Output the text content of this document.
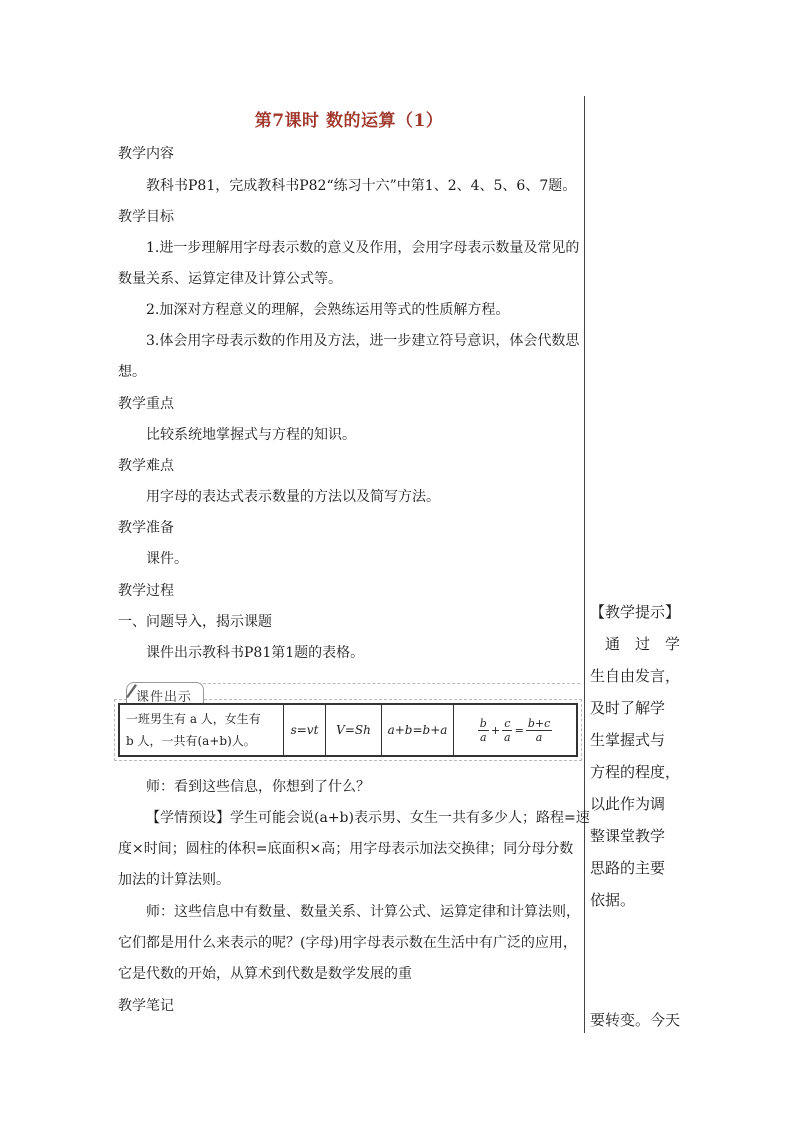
第7课时 数的运算（1）
教学内容
教科书P81，完成教科书P82“练习十六”中第1、2、4、5、6、7题。
教学目标
1.进一步理解用字母表示数的意义及作用，会用字母表示数量及常见的
数量关系、运算定律及计算公式等。
2.加深对方程意义的理解，会熟练运用等式的性质解方程。
3.体会用字母表示数的作用及方法，进一步建立符号意识，体会代数思
想。
教学重点
比较系统地掌握式与方程的知识。
教学难点
用字母的表达式表示数量的方法以及简写方法。
教学准备
课件。
教学过程
一、问题导入，揭示课题
课件出示教科书P81第1题的表格。
师：看到这些信息，你想到了什么？
【学情预设】学生可能会说(a+b)表示男、女生一共有多少人；路程=速
度×时间；圆柱的体积=底面积×高；用字母表示加法交换律；同分母分数
加法的计算法则。
师：这些信息中有数量、数量关系、计算公式、运算定律和计算法则，
它们都是用什么来表示的呢？(字母)用字母表示数在生活中有广泛的应用，
它是代数的开始，从算术到代数是数学发展的重
教学笔记
课件出示
一班男生有 a 人，女生有
b 人，一共有(a+b)人。
s=vt	V=Sh	a+b=b+a	$\frac{b}{a} + \frac{c}{a} = \frac{b+c}{a}$
【教学提示】
　通　过　学
生自由发言，
及时了解学
生掌握式与
方程的程度，
以此作为调
整课堂教学
思路的主要
依据。
要转变。今天
